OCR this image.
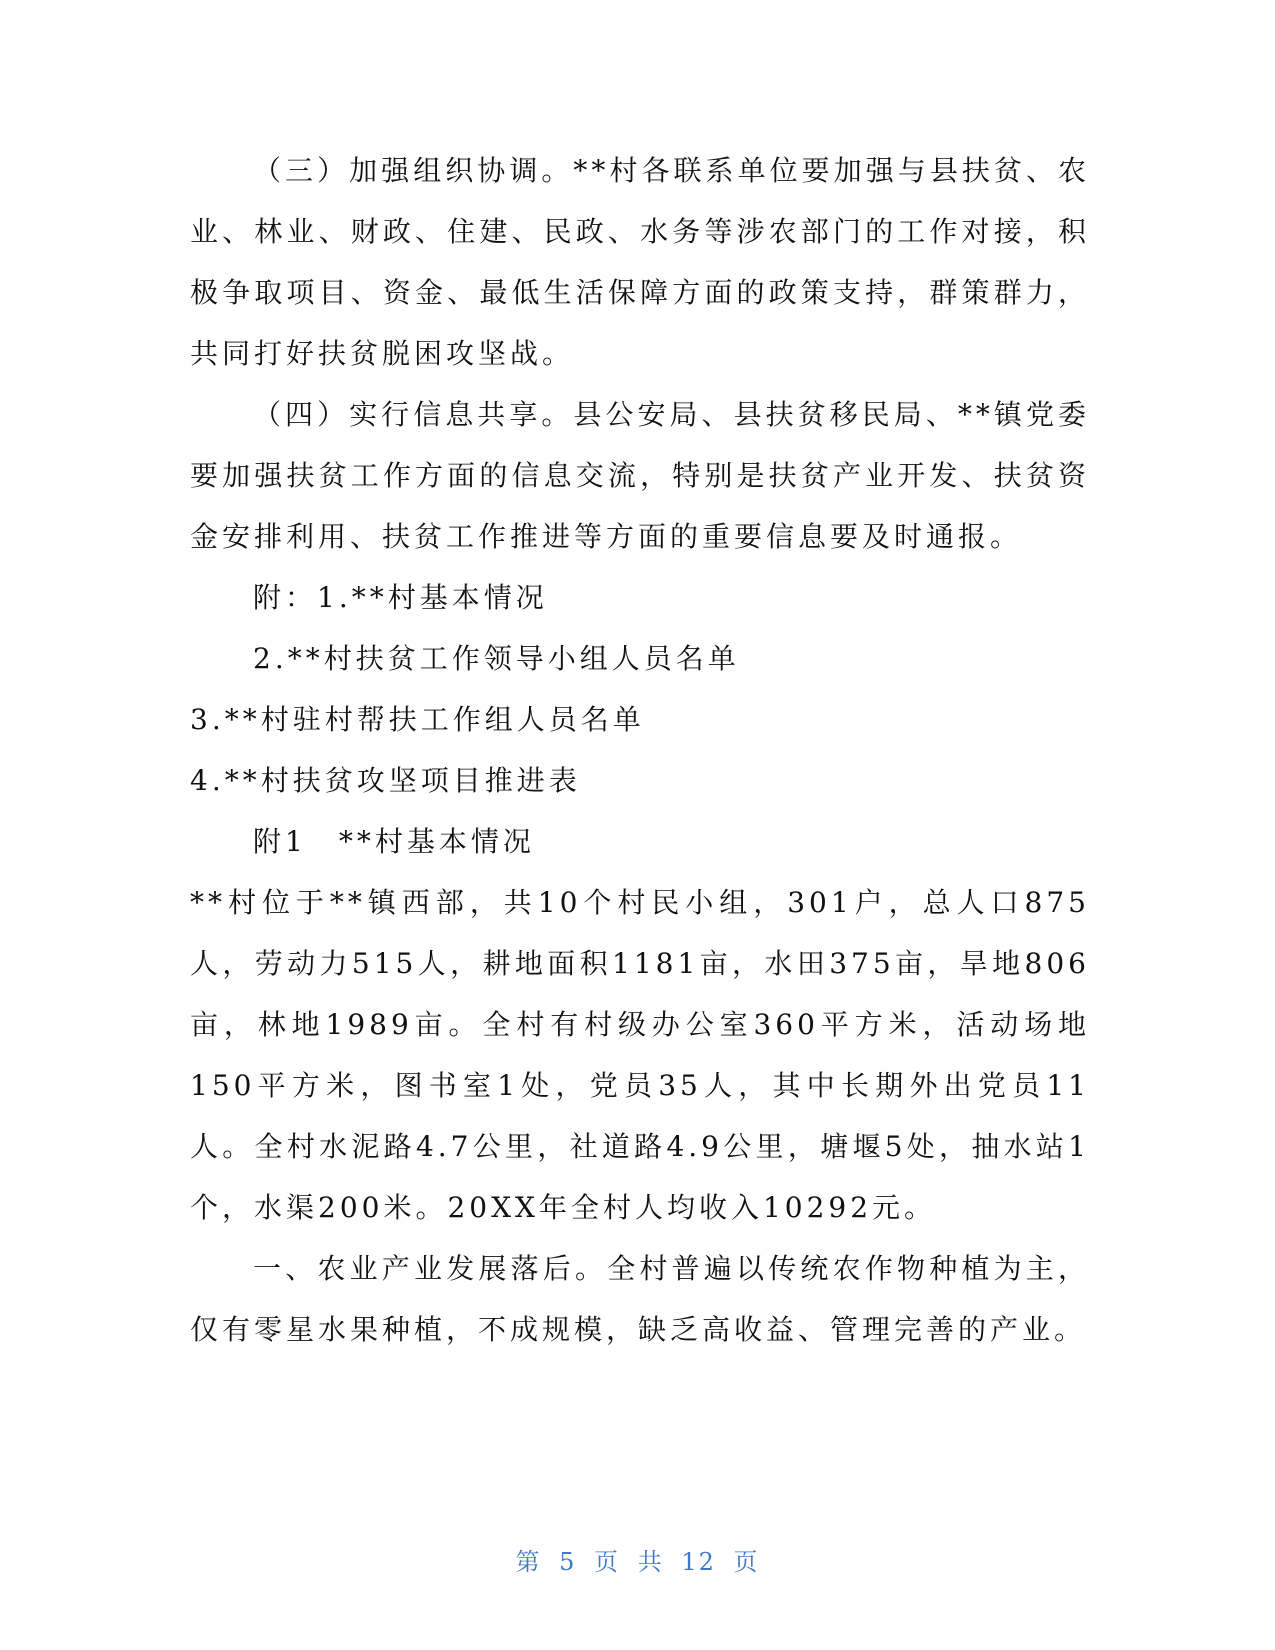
（三）加强组织协调。**村各联系单位要加强与县扶贫、农业、林业、财政、住建、民政、水务等涉农部门的工作对接，积极争取项目、资金、最低生活保障方面的政策支持，群策群力，共同打好扶贫脱困攻坚战。

（四）实行信息共享。县公安局、县扶贫移民局、**镇党委要加强扶贫工作方面的信息交流，特别是扶贫产业开发、扶贫资金安排利用、扶贫工作推进等方面的重要信息要及时通报。

附：1.**村基本情况

2.**村扶贫工作领导小组人员名单

3.**村驻村帮扶工作组人员名单

4.**村扶贫攻坚项目推进表

附1　**村基本情况

**村位于**镇西部，共10个村民小组，301户，总人口875人，劳动力515人，耕地面积1181亩，水田375亩，旱地806亩，林地1989亩。全村有村级办公室360平方米，活动场地150平方米，图书室1处，党员35人，其中长期外出党员11人。全村水泥路4.7公里，社道路4.9公里，塘堰5处，抽水站1个，水渠200米。20XX年全村人均收入10292元。

一、农业产业发展落后。全村普遍以传统农作物种植为主，仅有零星水果种植，不成规模，缺乏高收益、管理完善的产业。

第 5 页 共 12 页
